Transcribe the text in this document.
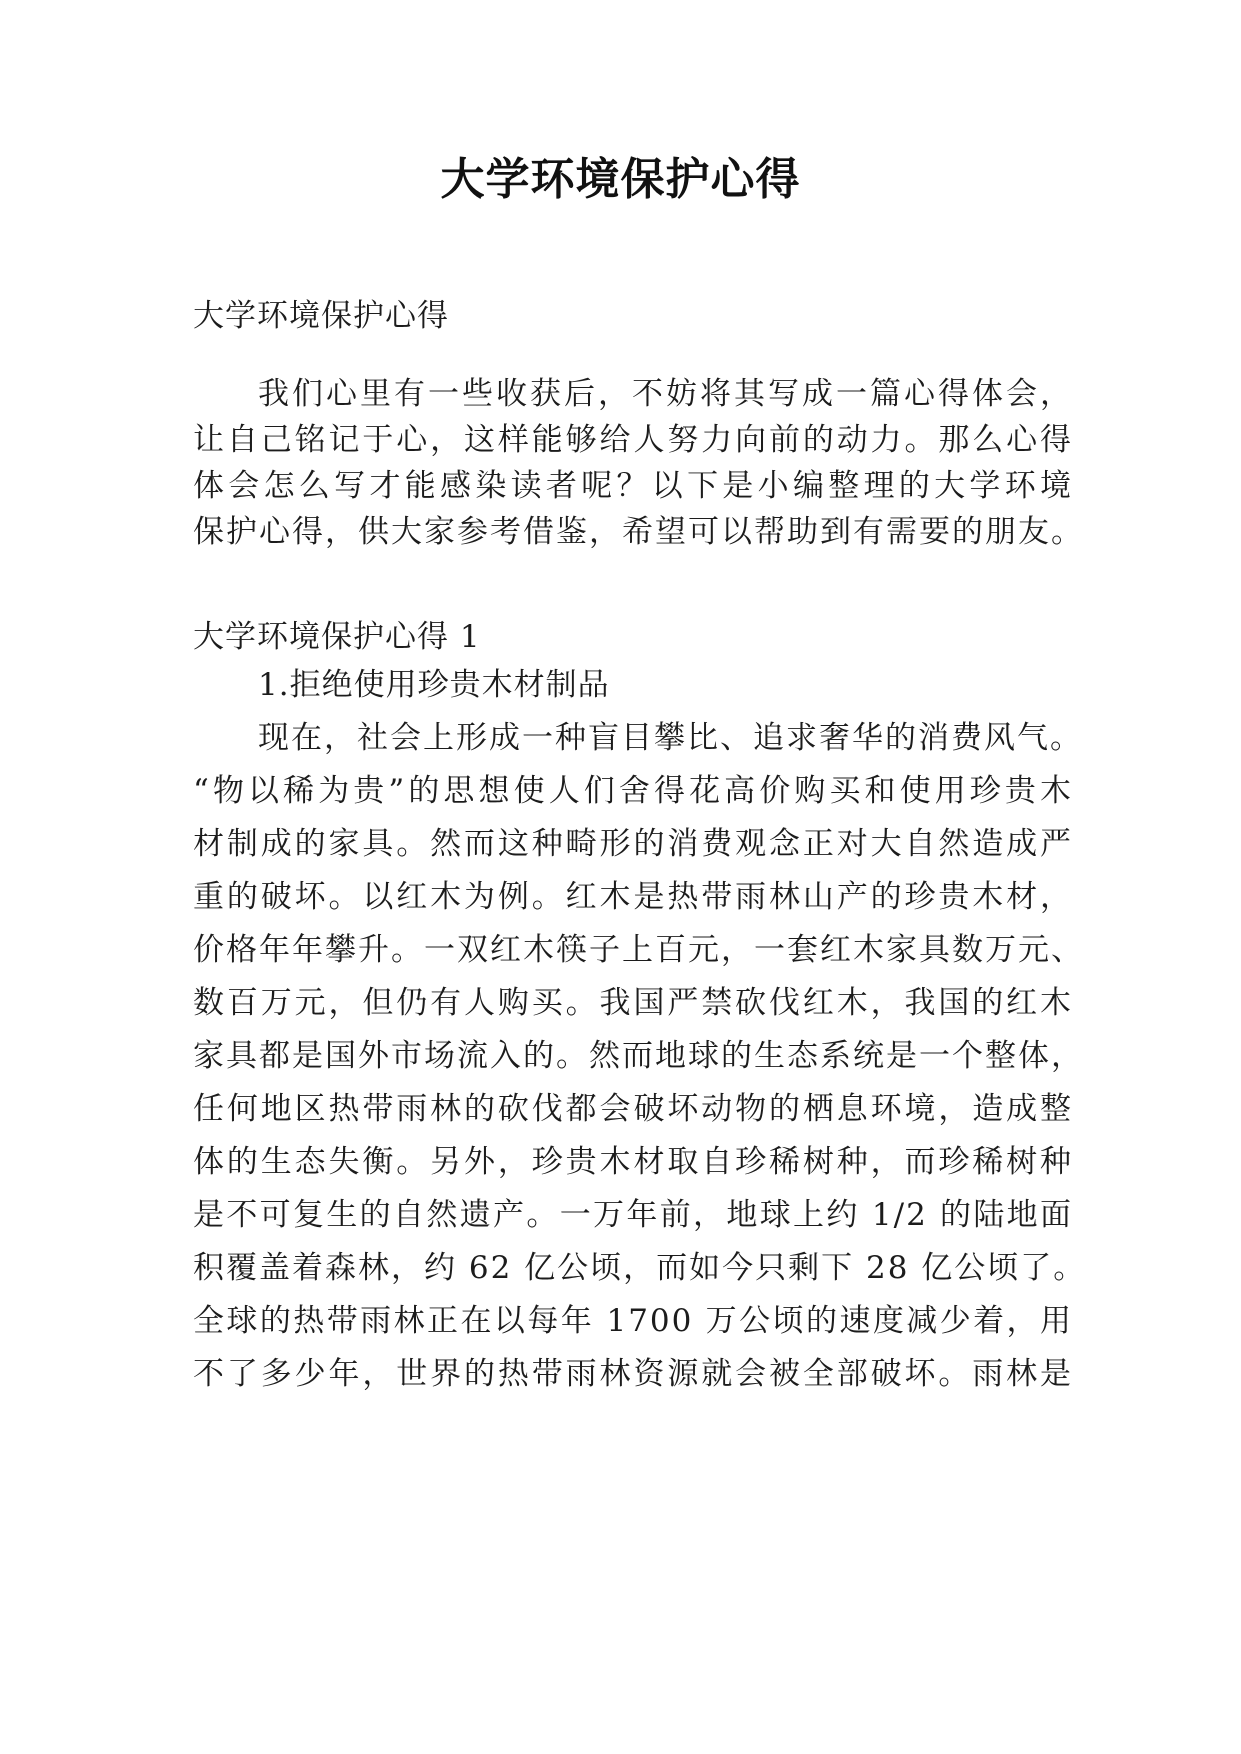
大学环境保护心得

大学环境保护心得

我们心里有一些收获后，不妨将其写成一篇心得体会，

让自己铭记于心，这样能够给人努力向前的动力。那么心得

体会怎么写才能感染读者呢？以下是小编整理的大学环境

保护心得，供大家参考借鉴，希望可以帮助到有需要的朋友。

大学环境保护心得 1

1.拒绝使用珍贵木材制品

现在，社会上形成一种盲目攀比、追求奢华的消费风气。

“物以稀为贵”的思想使人们舍得花高价购买和使用珍贵木

材制成的家具。然而这种畸形的消费观念正对大自然造成严

重的破坏。以红木为例。红木是热带雨林山产的珍贵木材，

价格年年攀升。一双红木筷子上百元，一套红木家具数万元、

数百万元，但仍有人购买。我国严禁砍伐红木，我国的红木

家具都是国外市场流入的。然而地球的生态系统是一个整体，

任何地区热带雨林的砍伐都会破坏动物的栖息环境，造成整

体的生态失衡。另外，珍贵木材取自珍稀树种，而珍稀树种

是不可复生的自然遗产。一万年前，地球上约 1/2 的陆地面

积覆盖着森林，约 62 亿公顷，而如今只剩下 28 亿公顷了。

全球的热带雨林正在以每年 1700 万公顷的速度减少着，用

不了多少年，世界的热带雨林资源就会被全部破坏。雨林是
